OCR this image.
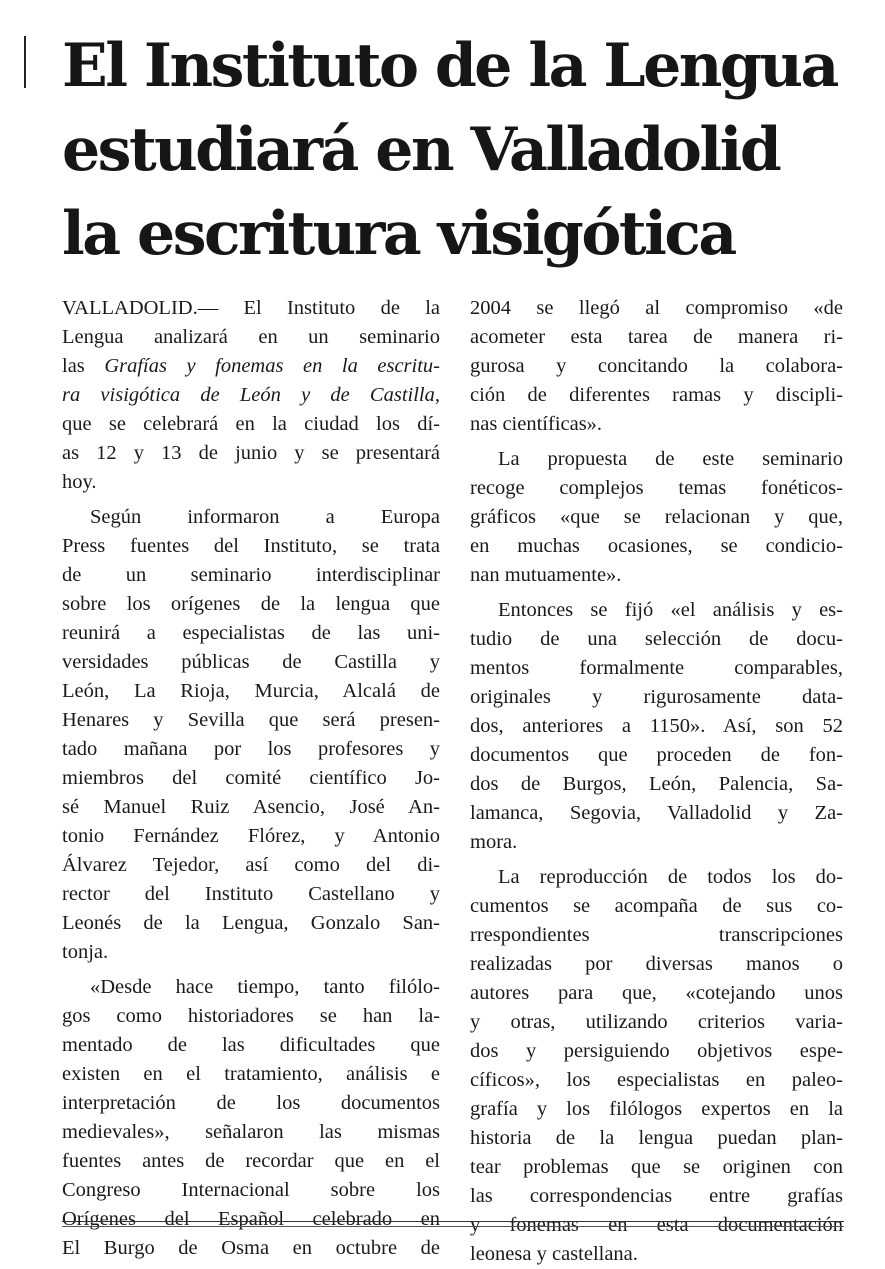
El Instituto de la Lengua
estudiará en Valladolid
la escritura visigótica
VALLADOLID.— El Instituto de la
Lengua analizará en un seminario
las Grafías y fonemas en la escritu-
ra visigótica de León y de Castilla,
que se celebrará en la ciudad los dí-
as 12 y 13 de junio y se presentará
hoy.
Según informaron a Europa
Press fuentes del Instituto, se trata
de un seminario interdisciplinar
sobre los orígenes de la lengua que
reunirá a especialistas de las uni-
versidades públicas de Castilla y
León, La Rioja, Murcia, Alcalá de
Henares y Sevilla que será presen-
tado mañana por los profesores y
miembros del comité científico Jo-
sé Manuel Ruiz Asencio, José An-
tonio Fernández Flórez, y Antonio
Álvarez Tejedor, así como del di-
rector del Instituto Castellano y
Leonés de la Lengua, Gonzalo San-
tonja.
«Desde hace tiempo, tanto filólo-
gos como historiadores se han la-
mentado de las dificultades que
existen en el tratamiento, análisis e
interpretación de los documentos
medievales», señalaron las mismas
fuentes antes de recordar que en el
Congreso Internacional sobre los
Orígenes del Español celebrado en
El Burgo de Osma en octubre de
2004 se llegó al compromiso «de
acometer esta tarea de manera ri-
gurosa y concitando la colabora-
ción de diferentes ramas y discipli-
nas científicas».
La propuesta de este seminario
recoge complejos temas fonéticos-
gráficos «que se relacionan y que,
en muchas ocasiones, se condicio-
nan mutuamente».
Entonces se fijó «el análisis y es-
tudio de una selección de docu-
mentos formalmente comparables,
originales y rigurosamente data-
dos, anteriores a 1150». Así, son 52
documentos que proceden de fon-
dos de Burgos, León, Palencia, Sa-
lamanca, Segovia, Valladolid y Za-
mora.
La reproducción de todos los do-
cumentos se acompaña de sus co-
rrespondientes transcripciones
realizadas por diversas manos o
autores para que, «cotejando unos
y otras, utilizando criterios varia-
dos y persiguiendo objetivos espe-
cíficos», los especialistas en paleo-
grafía y los filólogos expertos en la
historia de la lengua puedan plan-
tear problemas que se originen con
las correspondencias entre grafías
y fonemas en esta documentación
leonesa y castellana.
